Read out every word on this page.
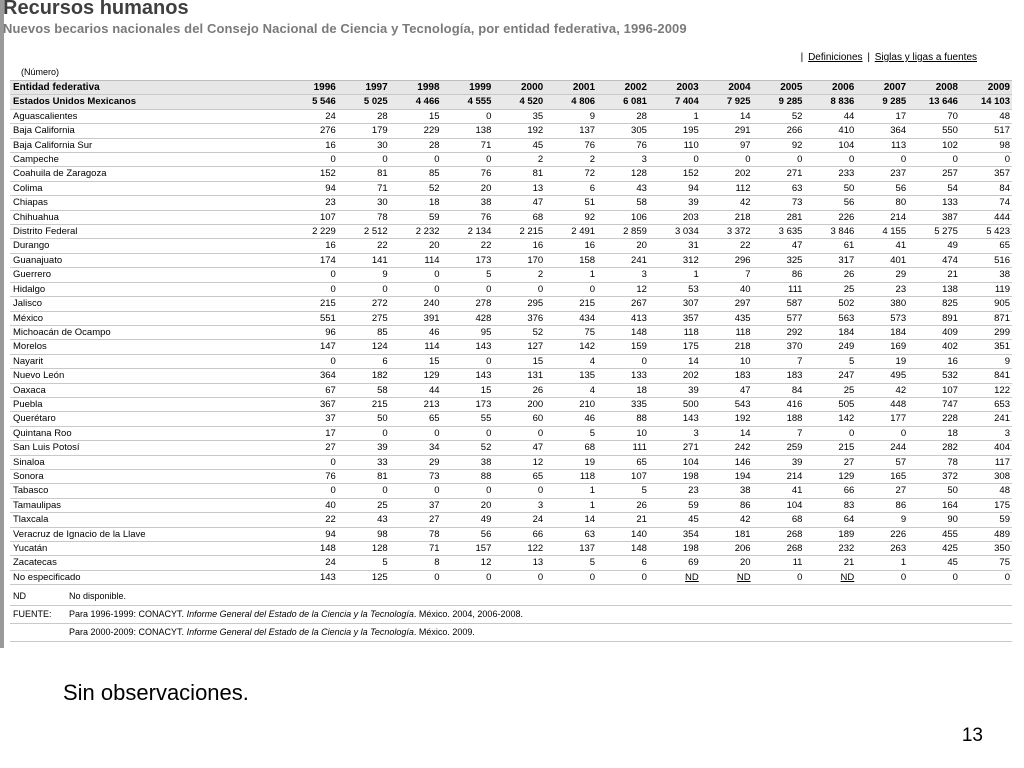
Recursos humanos
Nuevos becarios nacionales del Consejo Nacional de Ciencia y Tecnología, por entidad federativa, 1996-2009
| Definiciones | Siglas y ligas a fuentes
(Número)
Entidad federativa	1996	1997	1998	1999	2000	2001	2002	2003	2004	2005	2006	2007	2008	2009
Estados Unidos Mexicanos	5 546	5 025	4 466	4 555	4 520	4 806	6 081	7 404	7 925	9 285	8 836	9 285	13 646	14 103
Aguascalientes	24	28	15	0	35	9	28	1	14	52	44	17	70	48
Baja California	276	179	229	138	192	137	305	195	291	266	410	364	550	517
Baja California Sur	16	30	28	71	45	76	76	110	97	92	104	113	102	98
Campeche	0	0	0	0	2	2	3	0	0	0	0	0	0	0
Coahuila de Zaragoza	152	81	85	76	81	72	128	152	202	271	233	237	257	357
Colima	94	71	52	20	13	6	43	94	112	63	50	56	54	84
Chiapas	23	30	18	38	47	51	58	39	42	73	56	80	133	74
Chihuahua	107	78	59	76	68	92	106	203	218	281	226	214	387	444
Distrito Federal	2 229	2 512	2 232	2 134	2 215	2 491	2 859	3 034	3 372	3 635	3 846	4 155	5 275	5 423
Durango	16	22	20	22	16	16	20	31	22	47	61	41	49	65
Guanajuato	174	141	114	173	170	158	241	312	296	325	317	401	474	516
Guerrero	0	9	0	5	2	1	3	1	7	86	26	29	21	38
Hidalgo	0	0	0	0	0	0	12	53	40	111	25	23	138	119
Jalisco	215	272	240	278	295	215	267	307	297	587	502	380	825	905
México	551	275	391	428	376	434	413	357	435	577	563	573	891	871
Michoacán de Ocampo	96	85	46	95	52	75	148	118	118	292	184	184	409	299
Morelos	147	124	114	143	127	142	159	175	218	370	249	169	402	351
Nayarit	0	6	15	0	15	4	0	14	10	7	5	19	16	9
Nuevo León	364	182	129	143	131	135	133	202	183	183	247	495	532	841
Oaxaca	67	58	44	15	26	4	18	39	47	84	25	42	107	122
Puebla	367	215	213	173	200	210	335	500	543	416	505	448	747	653
Querétaro	37	50	65	55	60	46	88	143	192	188	142	177	228	241
Quintana Roo	17	0	0	0	0	5	10	3	14	7	0	0	18	3
San Luis Potosí	27	39	34	52	47	68	111	271	242	259	215	244	282	404
Sinaloa	0	33	29	38	12	19	65	104	146	39	27	57	78	117
Sonora	76	81	73	88	65	118	107	198	194	214	129	165	372	308
Tabasco	0	0	0	0	0	1	5	23	38	41	66	27	50	48
Tamaulipas	40	25	37	20	3	1	26	59	86	104	83	86	164	175
Tlaxcala	22	43	27	49	24	14	21	45	42	68	64	9	90	59
Veracruz de Ignacio de la Llave	94	98	78	56	66	63	140	354	181	268	189	226	455	489
Yucatán	148	128	71	157	122	137	148	198	206	268	232	263	425	350
Zacatecas	24	5	8	12	13	5	6	69	20	11	21	1	45	75
No especificado	143	125	0	0	0	0	0	ND	ND	0	ND	0	0	0
ND	No disponible.
FUENTE:	Para 1996-1999: CONACYT. Informe General del Estado de la Ciencia y la Tecnología. México. 2004, 2006-2008.
	Para 2000-2009: CONACYT. Informe General del Estado de la Ciencia y la Tecnología. México. 2009.

Sin observaciones.

13
